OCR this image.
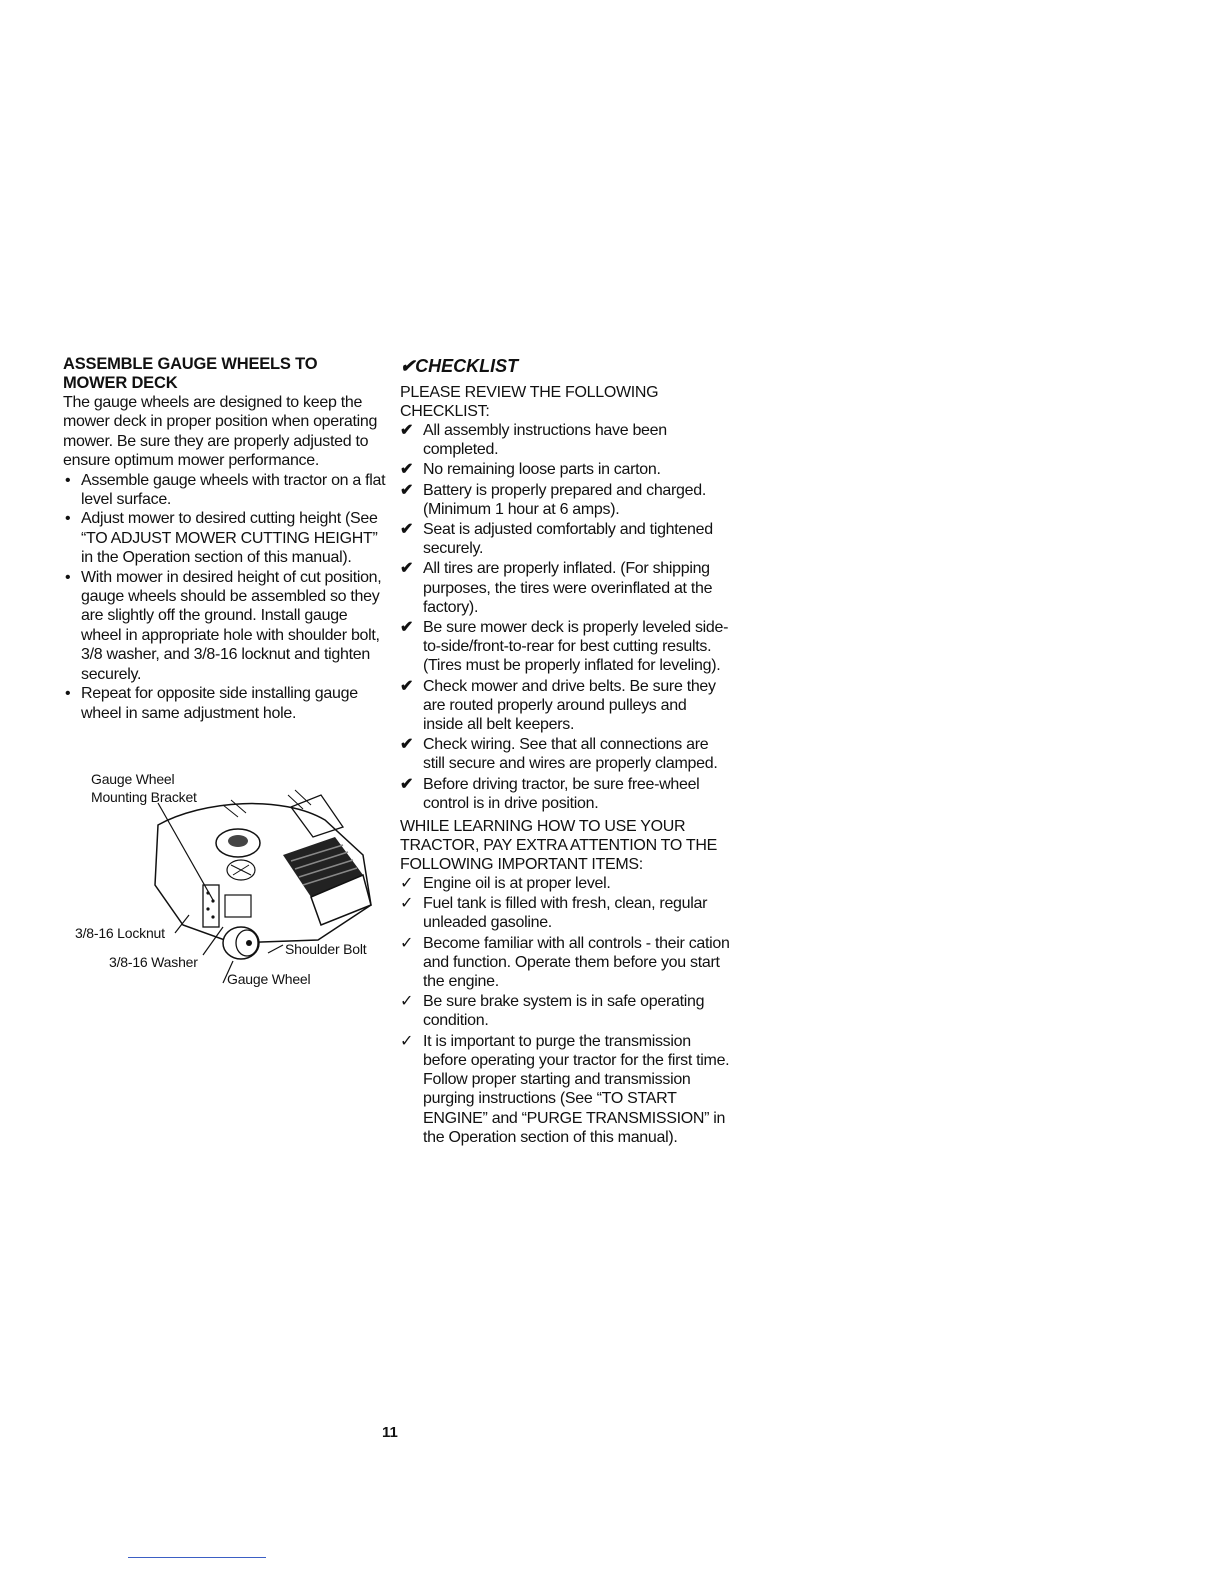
ASSEMBLE GAUGE WHEELS TO
MOWER DECK

The gauge wheels are designed to keep the mower deck in proper position when operating mower. Be sure they are properly adjusted to ensure optimum mower performance.

• Assemble gauge wheels with tractor on a flat level surface.
• Adjust mower to desired cutting height (See “TO ADJUST MOWER CUTTING HEIGHT” in the Operation section of this manual).
• With mower in desired height of cut position, gauge wheels should be assembled so they are slightly off the ground. Install gauge wheel in appropriate hole with shoulder bolt, 3/8 washer, and 3/8-16 locknut and tighten securely.
• Repeat for opposite side installing gauge wheel in same adjustment hole.
Gauge Wheel
Mounting Bracket
3/8-16 Locknut
3/8-16 Washer
Shoulder Bolt
Gauge Wheel
✔CHECKLIST

PLEASE REVIEW THE FOLLOWING
CHECKLIST:

✔ All assembly instructions have been completed.
✔ No remaining loose parts in carton.
✔ Battery is properly prepared and charged. (Minimum 1 hour at 6 amps).
✔ Seat is adjusted comfortably and tightened securely.
✔ All tires are properly inflated. (For shipping purposes, the tires were overinflated at the factory).
✔ Be sure mower deck is properly leveled side-to-side/front-to-rear for best cutting results. (Tires must be properly inflated for leveling).
✔ Check mower and drive belts. Be sure they are routed properly around pulleys and inside all belt keepers.
✔ Check wiring. See that all connections are still secure and wires are properly clamped.
✔ Before driving tractor, be sure free-wheel control is in drive position.

WHILE LEARNING HOW TO USE YOUR TRACTOR, PAY EXTRA ATTENTION TO THE FOLLOWING IMPORTANT ITEMS:

✓ Engine oil is at proper level.
✓ Fuel tank is filled with fresh, clean, regular unleaded gasoline.
✓ Become familiar with all controls - their cation and function. Operate them before you start the engine.
✓ Be sure brake system is in safe operating condition.
✓ It is important to purge the transmission before operating your tractor for the first time. Follow proper starting and transmission purging instructions (See “TO START ENGINE” and “PURGE TRANSMISSION” in the Operation section of this manual).
11
